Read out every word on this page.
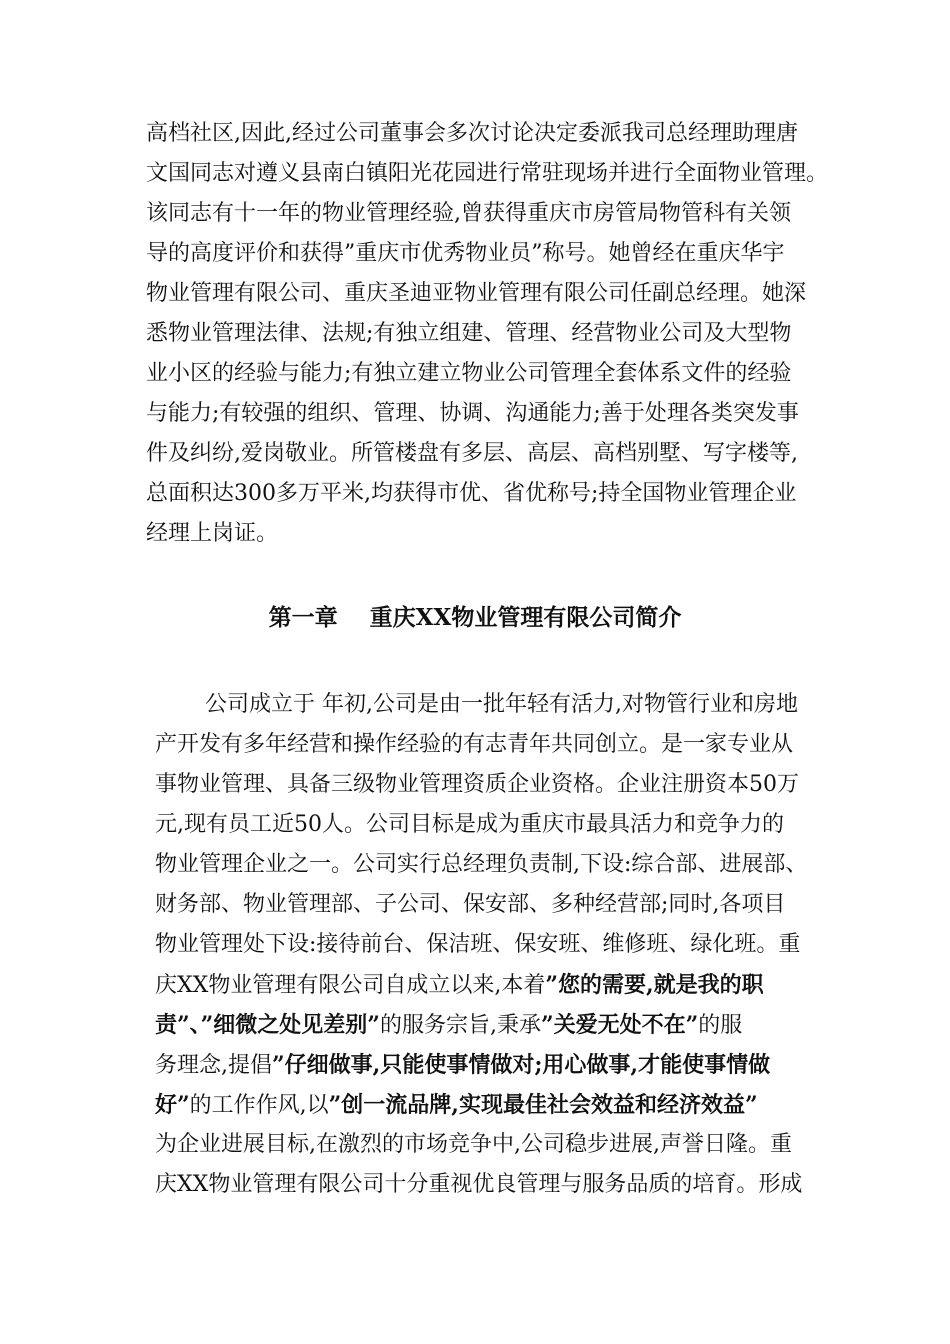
高档社区,因此,经过公司董事会多次讨论决定委派我司总经理助理唐
文国同志对遵义县南白镇阳光花园进行常驻现场并进行全面物业管理。
该同志有十一年的物业管理经验,曾获得重庆市房管局物管科有关领
导的高度评价和获得”重庆市优秀物业员”称号。她曾经在重庆华宇
物业管理有限公司、重庆圣迪亚物业管理有限公司任副总经理。她深
悉物业管理法律、法规;有独立组建、管理、经营物业公司及大型物
业小区的经验与能力;有独立建立物业公司管理全套体系文件的经验
与能力;有较强的组织、管理、协调、沟通能力;善于处理各类突发事
件及纠纷,爱岗敬业。所管楼盘有多层、高层、高档别墅、写字楼等,
总面积达300多万平米,均获得市优、省优称号;持全国物业管理企业
经理上岗证。
第一章 重庆XX物业管理有限公司简介
公司成立于 年初,公司是由一批年轻有活力,对物管行业和房地
产开发有多年经营和操作经验的有志青年共同创立。是一家专业从
事物业管理、具备三级物业管理资质企业资格。企业注册资本50万
元,现有员工近50人。公司目标是成为重庆市最具活力和竞争力的
物业管理企业之一。公司实行总经理负责制,下设:综合部、进展部、
财务部、物业管理部、子公司、保安部、多种经营部;同时,各项目
物业管理处下设:接待前台、保洁班、保安班、维修班、绿化班。重
庆XX物业管理有限公司自成立以来,本着”您的需要,就是我的职
责”、”细微之处见差别”的服务宗旨,秉承”关爱无处不在”的服
务理念,提倡”仔细做事,只能使事情做对;用心做事,才能使事情做
好”的工作作风,以”创一流品牌,实现最佳社会效益和经济效益”
为企业进展目标,在激烈的市场竞争中,公司稳步进展,声誉日隆。重
庆XX物业管理有限公司十分重视优良管理与服务品质的培育。形成
